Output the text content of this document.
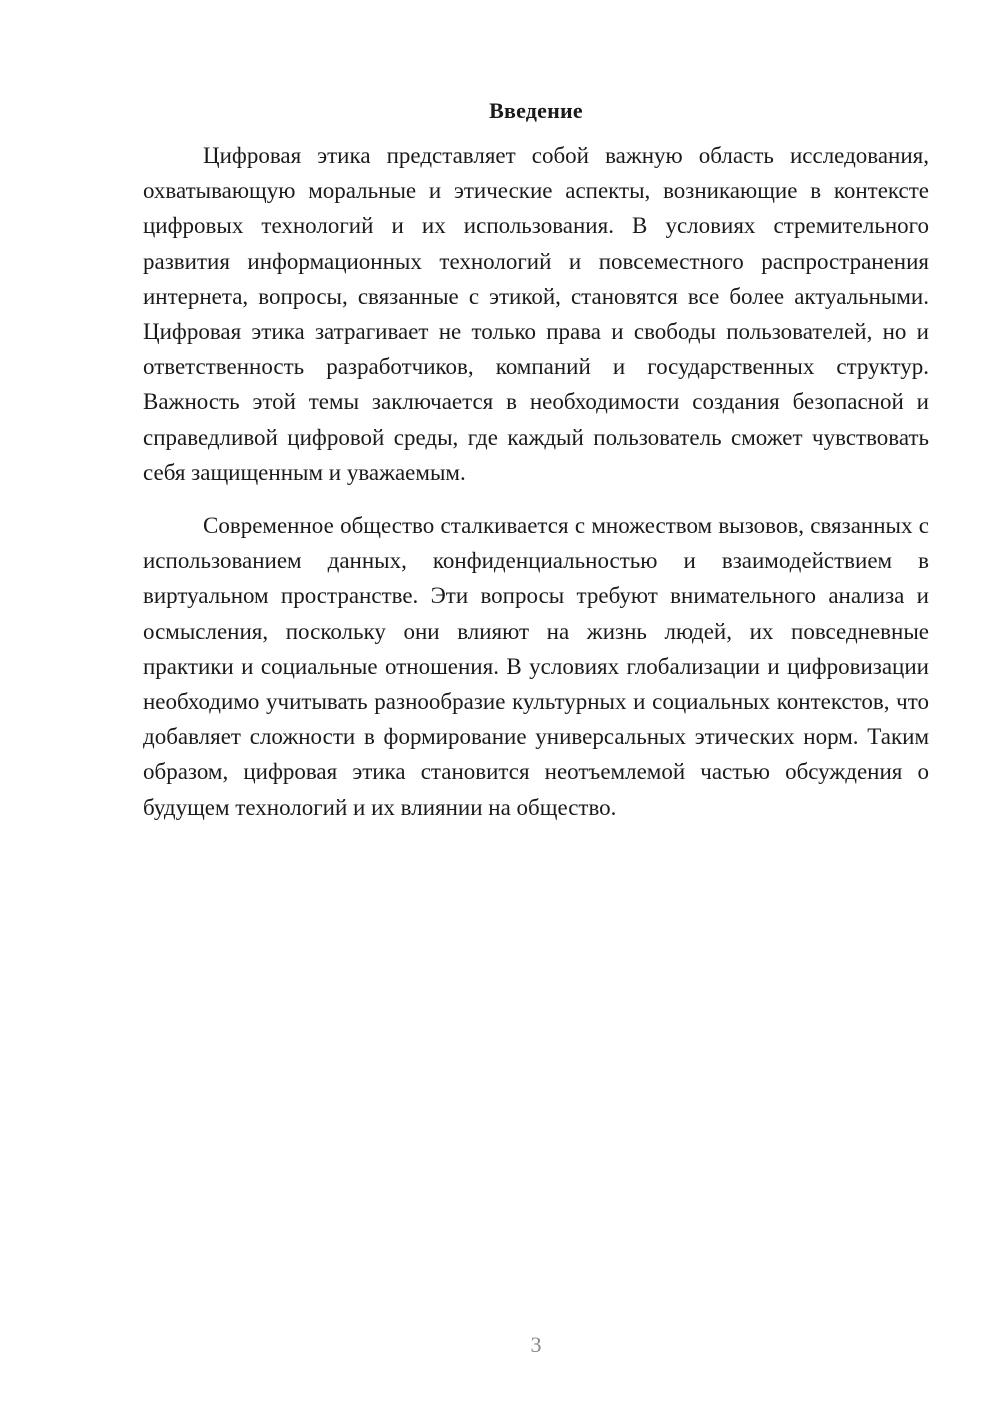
Введение

Цифровая этика представляет собой важную область исследования, охватывающую моральные и этические аспекты, возникающие в контексте цифровых технологий и их использования. В условиях стремительного развития информационных технологий и повсеместного распространения интернета, вопросы, связанные с этикой, становятся все более актуальными. Цифровая этика затрагивает не только права и свободы пользователей, но и ответственность разработчиков, компаний и государственных структур. Важность этой темы заключается в необходимости создания безопасной и справедливой цифровой среды, где каждый пользователь сможет чувствовать себя защищенным и уважаемым.

Современное общество сталкивается с множеством вызовов, связанных с использованием данных, конфиденциальностью и взаимодействием в виртуальном пространстве. Эти вопросы требуют внимательного анализа и осмысления, поскольку они влияют на жизнь людей, их повседневные практики и социальные отношения. В условиях глобализации и цифровизации необходимо учитывать разнообразие культурных и социальных контекстов, что добавляет сложности в формирование универсальных этических норм. Таким образом, цифровая этика становится неотъемлемой частью обсуждения о будущем технологий и их влиянии на общество.

3
